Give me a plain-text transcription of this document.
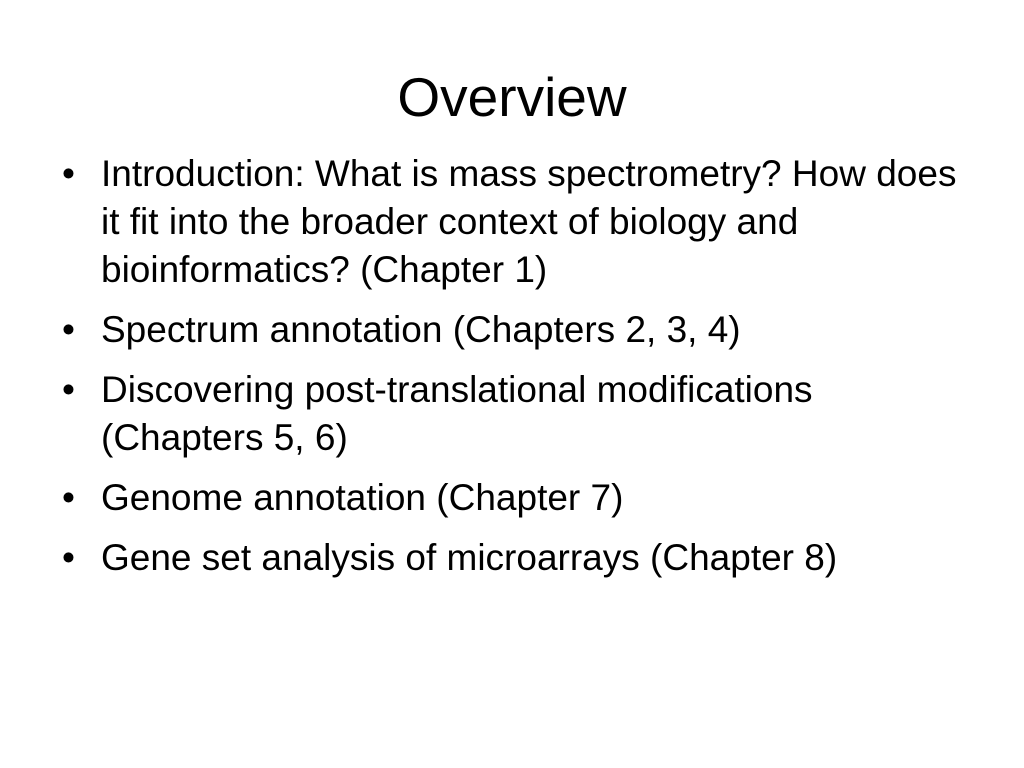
Overview
• Introduction: What is mass spectrometry? How does it fit into the broader context of biology and bioinformatics? (Chapter 1)
• Spectrum annotation (Chapters 2, 3, 4)
• Discovering post-translational modifications (Chapters 5, 6)
• Genome annotation (Chapter 7)
• Gene set analysis of microarrays (Chapter 8)
